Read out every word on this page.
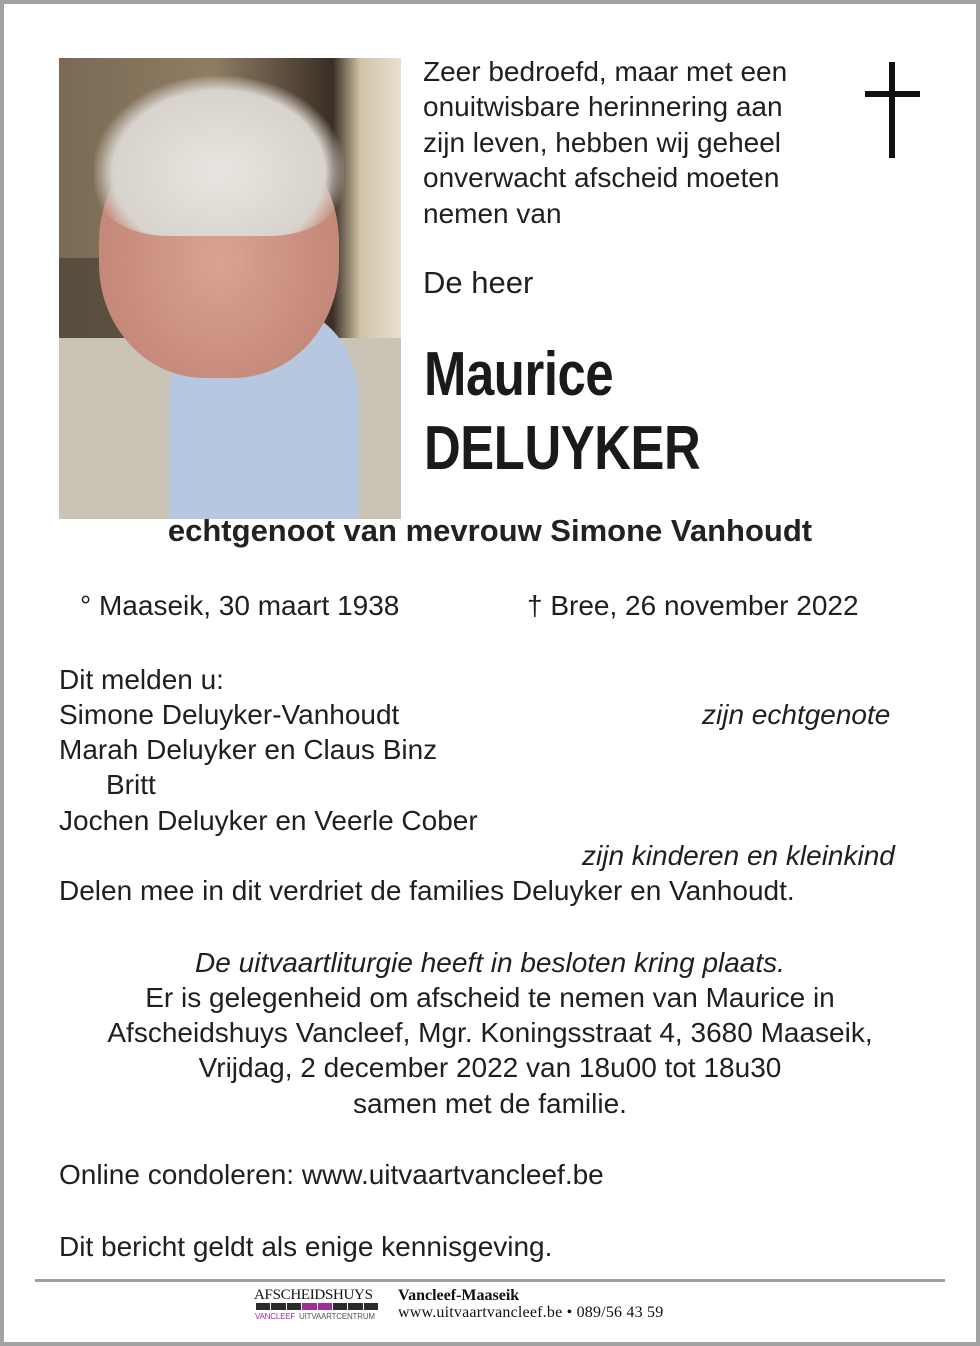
Zeer bedroefd, maar met een
onuitwisbare herinnering aan
zijn leven, hebben wij geheel
onverwacht afscheid moeten
nemen van
De heer
Maurice
DELUYKER
echtgenoot van mevrouw Simone Vanhoudt
° Maaseik, 30 maart 1938	† Bree, 26 november 2022
Dit melden u:
Simone Deluyker-Vanhoudt	zijn echtgenote
Marah Deluyker en Claus Binz
Britt
Jochen Deluyker en Veerle Cober
zijn kinderen en kleinkind
Delen mee in dit verdriet de families Deluyker en Vanhoudt.
De uitvaartliturgie heeft in besloten kring plaats.
Er is gelegenheid om afscheid te nemen van Maurice in
Afscheidshuys Vancleef, Mgr. Koningsstraat 4, 3680 Maaseik,
Vrijdag, 2 december 2022 van 18u00 tot 18u30
samen met de familie.
Online condoleren: www.uitvaartvancleef.be
Dit bericht geldt als enige kennisgeving.
AFSCHEIDSHUYS
VANCLEEF UITVAARTCENTRUM
Vancleef-Maaseik
www.uitvaartvancleef.be • 089/56 43 59
